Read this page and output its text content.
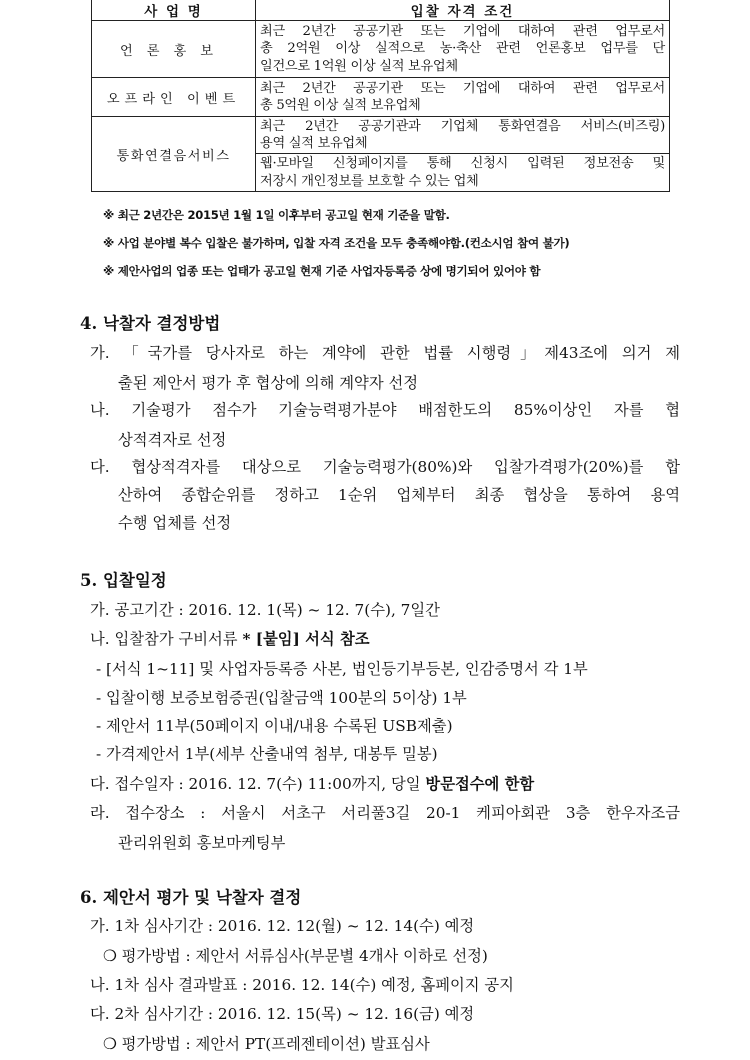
사 업 명	입찰 자격 조건
언론홍보	최근 2년간 공공기관 또는 기업에 대하여 관련 업무로서
총 2억원 이상 실적으로 농·축산 관련 언론홍보 업무를 단
일건으로 1억원 이상 실적 보유업체

오프라인 이벤트	최근 2년간 공공기관 또는 기업에 대하여 관련 업무로서
총 5억원 이상 실적 보유업체

통화연결음서비스	최근 2년간 공공기관과 기업체 통화연결음 서비스(비즈링)
용역 실적 보유업체

	웹·모바일 신청페이지를 통해 신청시 입력된 정보전송 및
저장시 개인정보를 보호할 수 있는 업체
※ 최근 2년간은 2015년 1월 1일 이후부터 공고일 현재 기준을 말함.
※ 사업 분야별 복수 입찰은 불가하며, 입찰 자격 조건을 모두 충족해야함.(컨소시엄 참여 불가)
※ 제안사업의 업종 또는 업태가 공고일 현재 기준 사업자등록증 상에 명기되어 있어야 함
4. 낙찰자 결정방법
가. 「국가를 당사자로 하는 계약에 관한 법률 시행령」제43조에 의거 제
출된 제안서 평가 후 협상에 의해 계약자 선정
나. 기술평가 점수가 기술능력평가분야 배점한도의 85%이상인 자를 협
상적격자로 선정
다. 협상적격자를 대상으로 기술능력평가(80%)와 입찰가격평가(20%)를 합
산하여 종합순위를 정하고 1순위 업체부터 최종 협상을 통하여 용역
수행 업체를 선정
5. 입찰일정
가. 공고기간 : 2016. 12. 1(목) ~ 12. 7(수), 7일간
나. 입찰참가 구비서류 * [붙임] 서식 참조
- [서식 1~11] 및 사업자등록증 사본, 법인등기부등본, 인감증명서 각 1부
- 입찰이행 보증보험증권(입찰금액 100분의 5이상) 1부
- 제안서 11부(50페이지 이내/내용 수록된 USB제출)
- 가격제안서 1부(세부 산출내역 첨부, 대봉투 밀봉)
다. 접수일자 : 2016. 12. 7(수) 11:00까지, 당일 방문접수에 한함
라. 접수장소 : 서울시 서초구 서리풀3길 20-1 케피아회관 3층 한우자조금
관리위원회 홍보마케팅부
6. 제안서 평가 및 낙찰자 결정
가. 1차 심사기간 : 2016. 12. 12(월) ~ 12. 14(수) 예정
❍ 평가방법 : 제안서 서류심사(부문별 4개사 이하로 선정)
나. 1차 심사 결과발표 : 2016. 12. 14(수) 예정, 홈페이지 공지
다. 2차 심사기간 : 2016. 12. 15(목) ~ 12. 16(금) 예정
❍ 평가방법 : 제안서 PT(프레젠테이션) 발표심사
